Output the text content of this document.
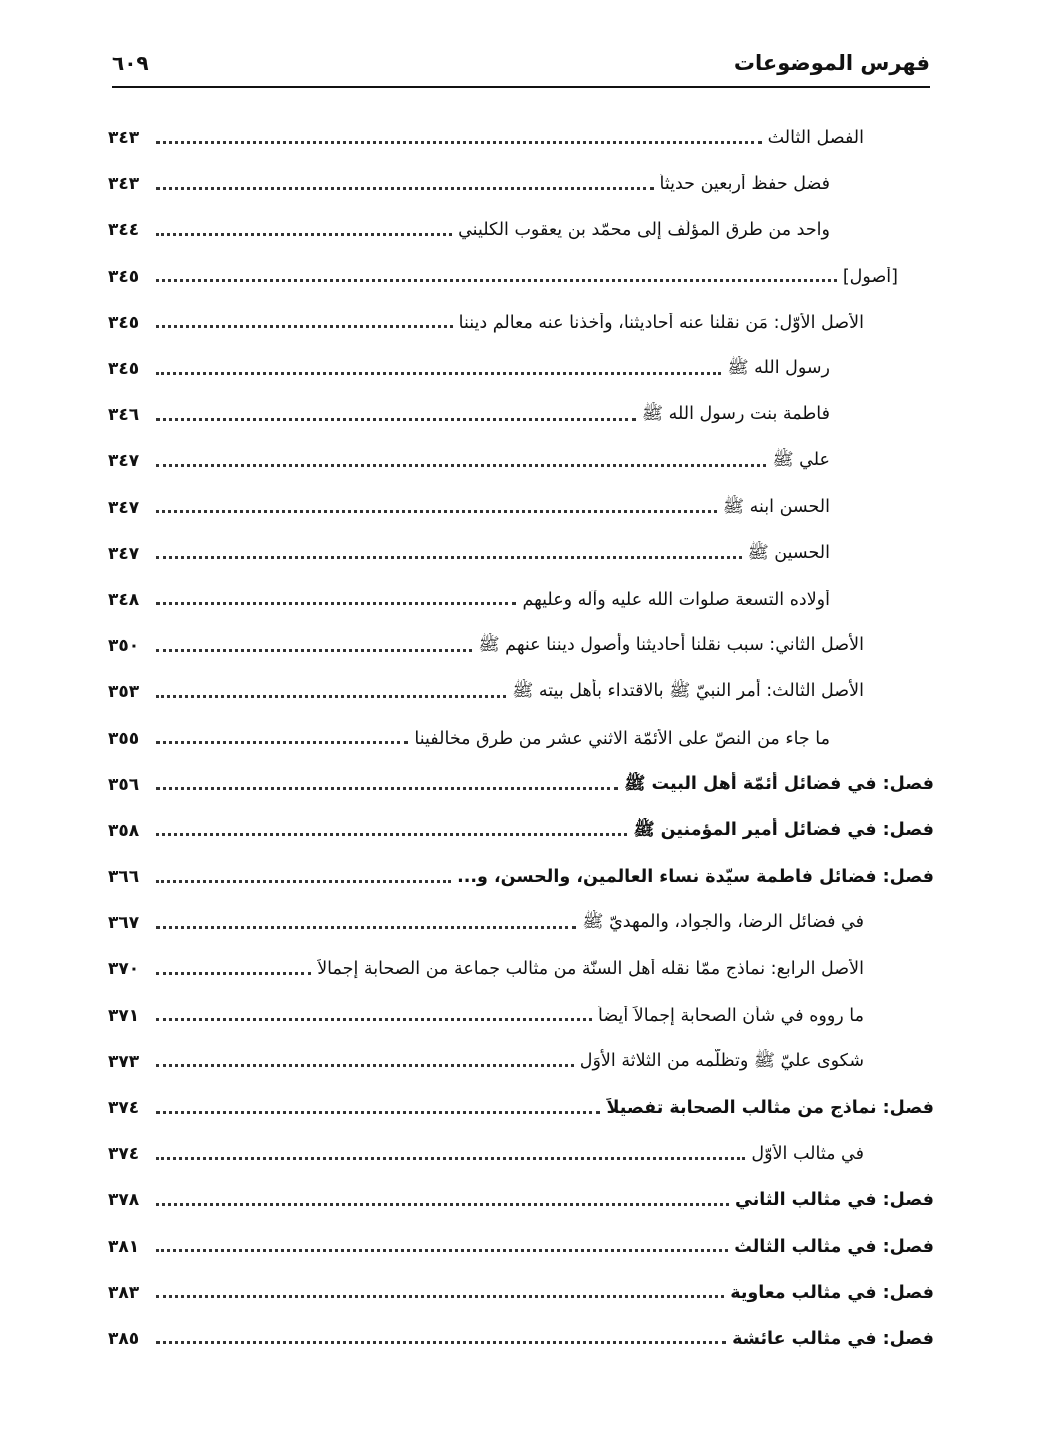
فهرس الموضوعات
٦٠٩
الفصل الثالث
٣٤٣
فضل حفظ أربعين حديثاً
٣٤٣
واحد من طرق المؤلّف إلى محمّد بن يعقوب الكليني
٣٤٤
[أُصول]
٣٤٥
الأصل الأوّل: مَن نقلنا عنه أحاديثنا، وأخذنا عنه معالم ديننا
٣٤٥
رسول الله ﷺ
٣٤٥
فاطمة بنت رسول الله ﷺ
٣٤٦
علي ﷺ
٣٤٧
الحسن ابنه ﷺ
٣٤٧
الحسين ﷺ
٣٤٧
أولاده التسعة صلوات الله عليه وآله وعليهم
٣٤٨
الأصل الثاني: سبب نقلنا أحاديثنا وأُصول ديننا عنهم ﷺ
٣٥٠
الأصل الثالث: أمر النبيّ ﷺ بالاقتداء بأهل بيته ﷺ
٣٥٣
ما جاء من النصّ على الأئمّة الاثني عشر من طرق مخالفينا
٣٥٥
فصل: في فضائل أئمّة أهل البيت ﷺ
٣٥٦
فصل: في فضائل أمير المؤمنين ﷺ
٣٥٨
فصل: فضائل فاطمة سيّدة نساء العالمين، والحسن، و...
٣٦٦
في فضائل الرضا، والجواد، والمهديّ ﷺ
٣٦٧
الأصل الرابع: نماذج ممّا نقله أهل السنّة من مثالب جماعة من الصحابة إجمالاً
٣٧٠
ما رووه في شأن الصحابة إجمالاً أيضاً
٣٧١
شكوى عليّ ﷺ وتظلّمه من الثلاثة الأُوَل
٣٧٣
فصل: نماذج من مثالب الصحابة تفصيلاً
٣٧٤
في مثالب الأوّل
٣٧٤
فصل: في مثالب الثاني
٣٧٨
فصل: في مثالب الثالث
٣٨١
فصل: في مثالب معاوية
٣٨٣
فصل: في مثالب عائشة
٣٨٥
